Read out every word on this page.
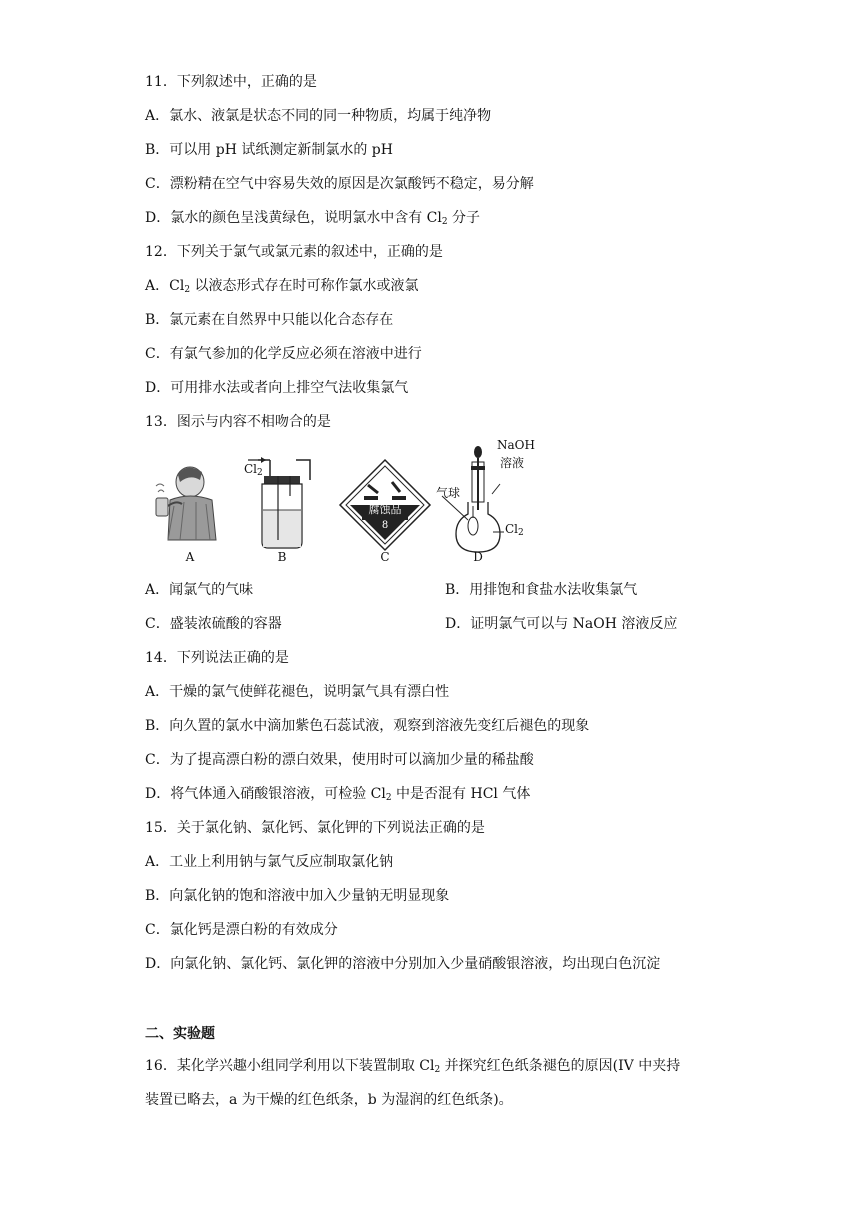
11．下列叙述中，正确的是
A．氯水、液氯是状态不同的同一种物质，均属于纯净物
B．可以用 pH 试纸测定新制氯水的 pH
C．漂粉精在空气中容易失效的原因是次氯酸钙不稳定，易分解
D．氯水的颜色呈浅黄绿色，说明氯水中含有 $Cl_2$ 分子
12．下列关于氯气或氯元素的叙述中，正确的是
A．$Cl_2$ 以液态形式存在时可称作氯水或液氯
B．氯元素在自然界中只能以化合态存在
C．有氯气参加的化学反应必须在溶液中进行
D．可用排水法或者向上排空气法收集氯气
13．图示与内容不相吻合的是
$Cl_2$
腐蚀品
8
NaOH
溶液
气球
$Cl_2$
A	B	C	D
A．闻氯气的气味	B．用排饱和食盐水法收集氯气
C．盛装浓硫酸的容器	D．证明氯气可以与 NaOH 溶液反应
14．下列说法正确的是
A．干燥的氯气使鲜花褪色，说明氯气具有漂白性
B．向久置的氯水中滴加紫色石蕊试液，观察到溶液先变红后褪色的现象
C．为了提高漂白粉的漂白效果，使用时可以滴加少量的稀盐酸
D．将气体通入硝酸银溶液，可检验 $Cl_2$ 中是否混有 HCl 气体
15．关于氯化钠、氯化钙、氯化钾的下列说法正确的是
A．工业上利用钠与氯气反应制取氯化钠
B．向氯化钠的饱和溶液中加入少量钠无明显现象
C．氯化钙是漂白粉的有效成分
D．向氯化钠、氯化钙、氯化钾的溶液中分别加入少量硝酸银溶液，均出现白色沉淀
二、实验题
16．某化学兴趣小组同学利用以下装置制取 $Cl_2$ 并探究红色纸条褪色的原因(IV 中夹持
装置已略去，a 为干燥的红色纸条，b 为湿润的红色纸条)。
